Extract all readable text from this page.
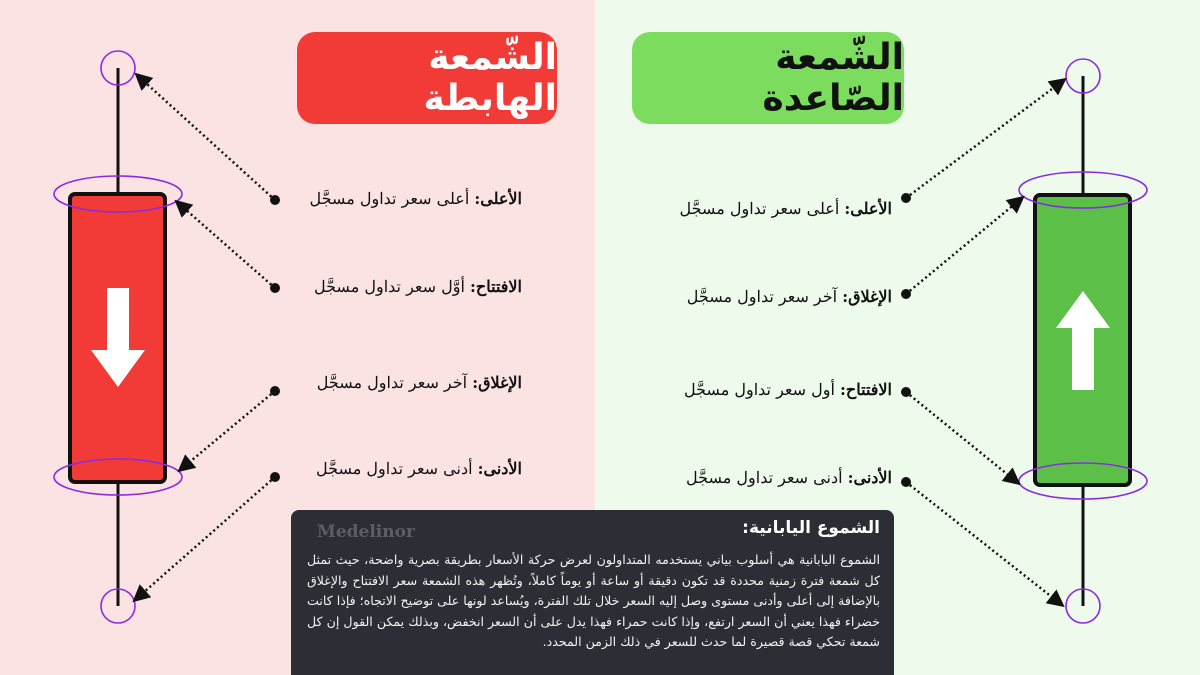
الشّمعة الهابطة
الشّمعة الصّاعدة
الأعلى: أعلى سعر تداول مسجَّل
الافتتاح: أوَّل سعر تداول مسجَّل
الإغلاق: آخر سعر تداول مسجَّل
الأدنى: أدنى سعر تداول مسجَّل
الأعلى: أعلى سعر تداول مسجَّل
الإغلاق: آخر سعر تداول مسجَّل
الافتتاح: أول سعر تداول مسجَّل
الأدنى: أدنى سعر تداول مسجَّل
الشموع اليابانية:
Medelinor
الشموع اليابانية هي أسلوب بياني يستخدمه المتداولون لعرض حركة الأسعار بطريقة بصرية واضحة، حيث تمثل كل شمعة فترة زمنية محددة قد تكون دقيقة أو ساعة أو يوماً كاملاً، وتُظهر هذه الشمعة سعر الافتتاح والإغلاق بالإضافة إلى أعلى وأدنى مستوى وصل إليه السعر خلال تلك الفترة، ويُساعد لونها على توضيح الاتجاه؛ فإذا كانت خضراء فهذا يعني أن السعر ارتفع، وإذا كانت حمراء فهذا يدل على أن السعر انخفض، وبذلك يمكن القول إن كل شمعة تحكي قصة قصيرة لما حدث للسعر في ذلك الزمن المحدد.
